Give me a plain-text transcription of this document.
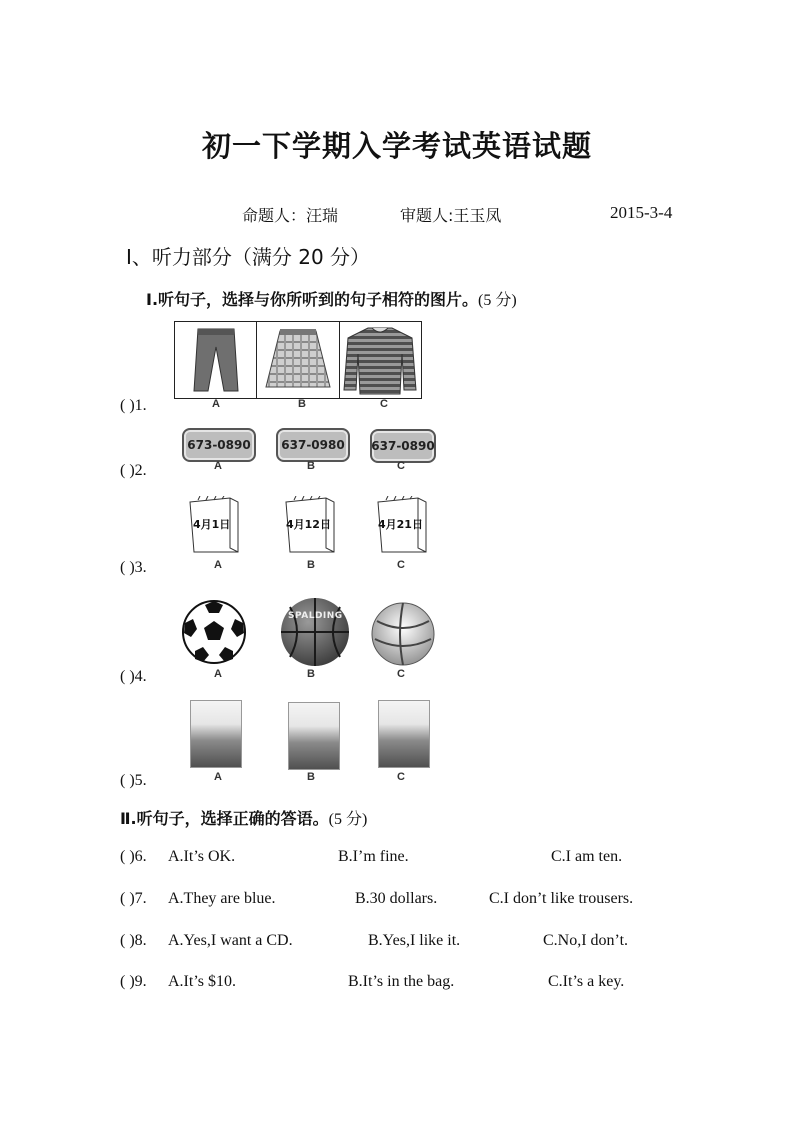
初一下学期入学考试英语试题
命题人：汪瑞	审题人:王玉凤	2015-3-4
Ⅰ、听力部分（满分 20 分）
Ⅰ.听句子，选择与你所听到的句子相符的图片。(5 分)
A	B	C
( )1.
673-0890	637-0980	637-0890
A	B	C
( )2.
4月1日	4月12日	4月21日
A	B	C
( )3.
SPALDING
A	B	C
( )4.
A	B	C
( )5.
Ⅱ.听句子，选择正确的答语。(5 分)
( )6. A.It’s OK.	B.I’m fine.	C.I am ten.
( )7. A.They are blue.	B.30 dollars.	C.I don’t like trousers.
( )8. A.Yes,I want a CD.	B.Yes,I like it.	C.No,I don’t.
( )9. A.It’s $10.	B.It’s in the bag.	C.It’s a key.
